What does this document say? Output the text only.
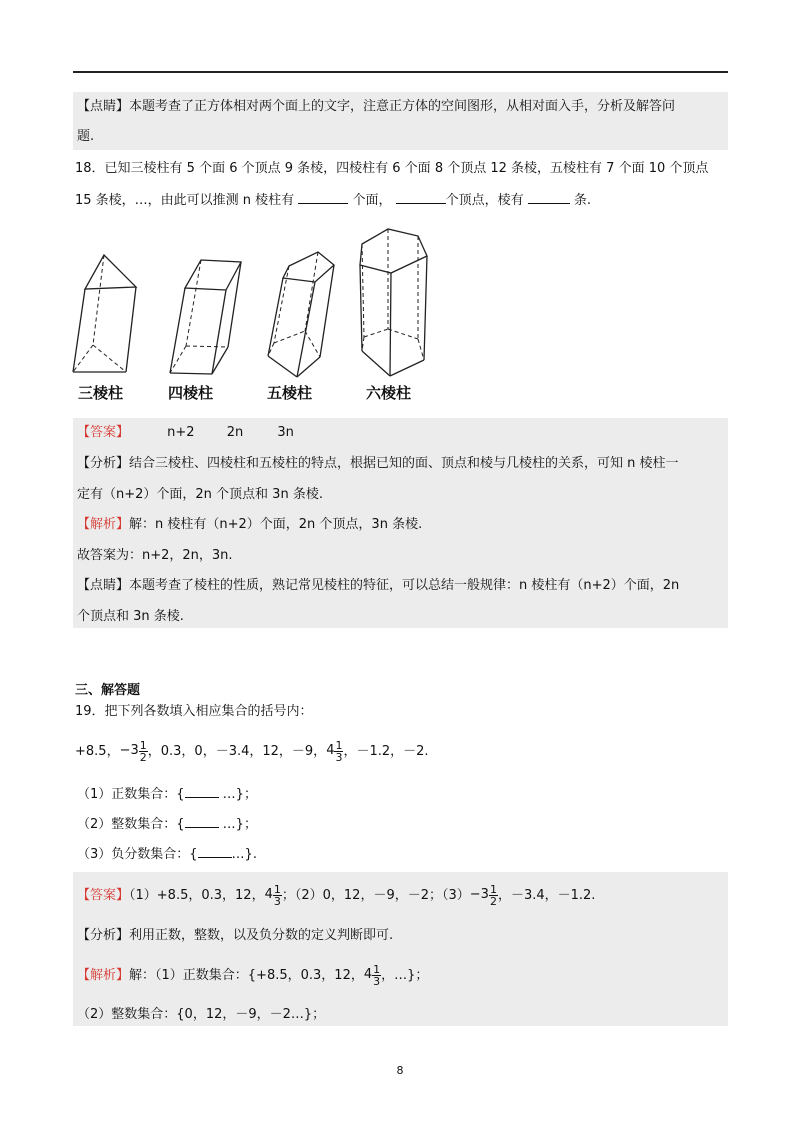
【点睛】本题考查了正方体相对两个面上的文字，注意正方体的空间图形，从相对面入手，分析及解答问
题.
18．已知三棱柱有 5 个面 6 个顶点 9 条棱，四棱柱有 6 个面 8 个顶点 12 条棱，五棱柱有 7 个面 10 个顶点
15 条棱，…，由此可以推测 n 棱柱有	个面，	个顶点，棱有	条.
三棱柱	四棱柱	五棱柱	六棱柱
【答案】	n+2 2n	3n
【分析】结合三棱柱、四棱柱和五棱柱的特点，根据已知的面、顶点和棱与几棱柱的关系，可知 n 棱柱一
定有（n+2）个面，2n 个顶点和 3n 条棱.
【解析】解：n 棱柱有（n+2）个面，2n 个顶点，3n 条棱.
故答案为：n+2，2n，3n.
【点睛】本题考查了棱柱的性质，熟记常见棱柱的特征，可以总结一般规律：n 棱柱有（n+2）个面，2n
个顶点和 3n 条棱.
三、解答题
19．把下列各数填入相应集合的括号内：
+8.5，$-3 \frac{1}{2}$ ，0.3，0，－3.4，12，－9，$4 \frac{1}{3}$ ，－1.2，－2.
（1）正数集合：{	…}；
（2）整数集合：{	…}；
（3）负分数集合：{	…}.
【答案】（1）+8.5，0.3，12，$4 \frac{1}{3}$ ；（2）0，12，－9，－2；$(3)-3 \frac{1}{2}$ ，－3.4，－1.2.
【分析】利用正数，整数，以及负分数的定义判断即可.
【解析】解：（1）正数集合：{+8.5，0.3，12，$4 \frac{1}{3}$ ，…}；
（2）整数集合：{0，12，－9，－2…}；
8
